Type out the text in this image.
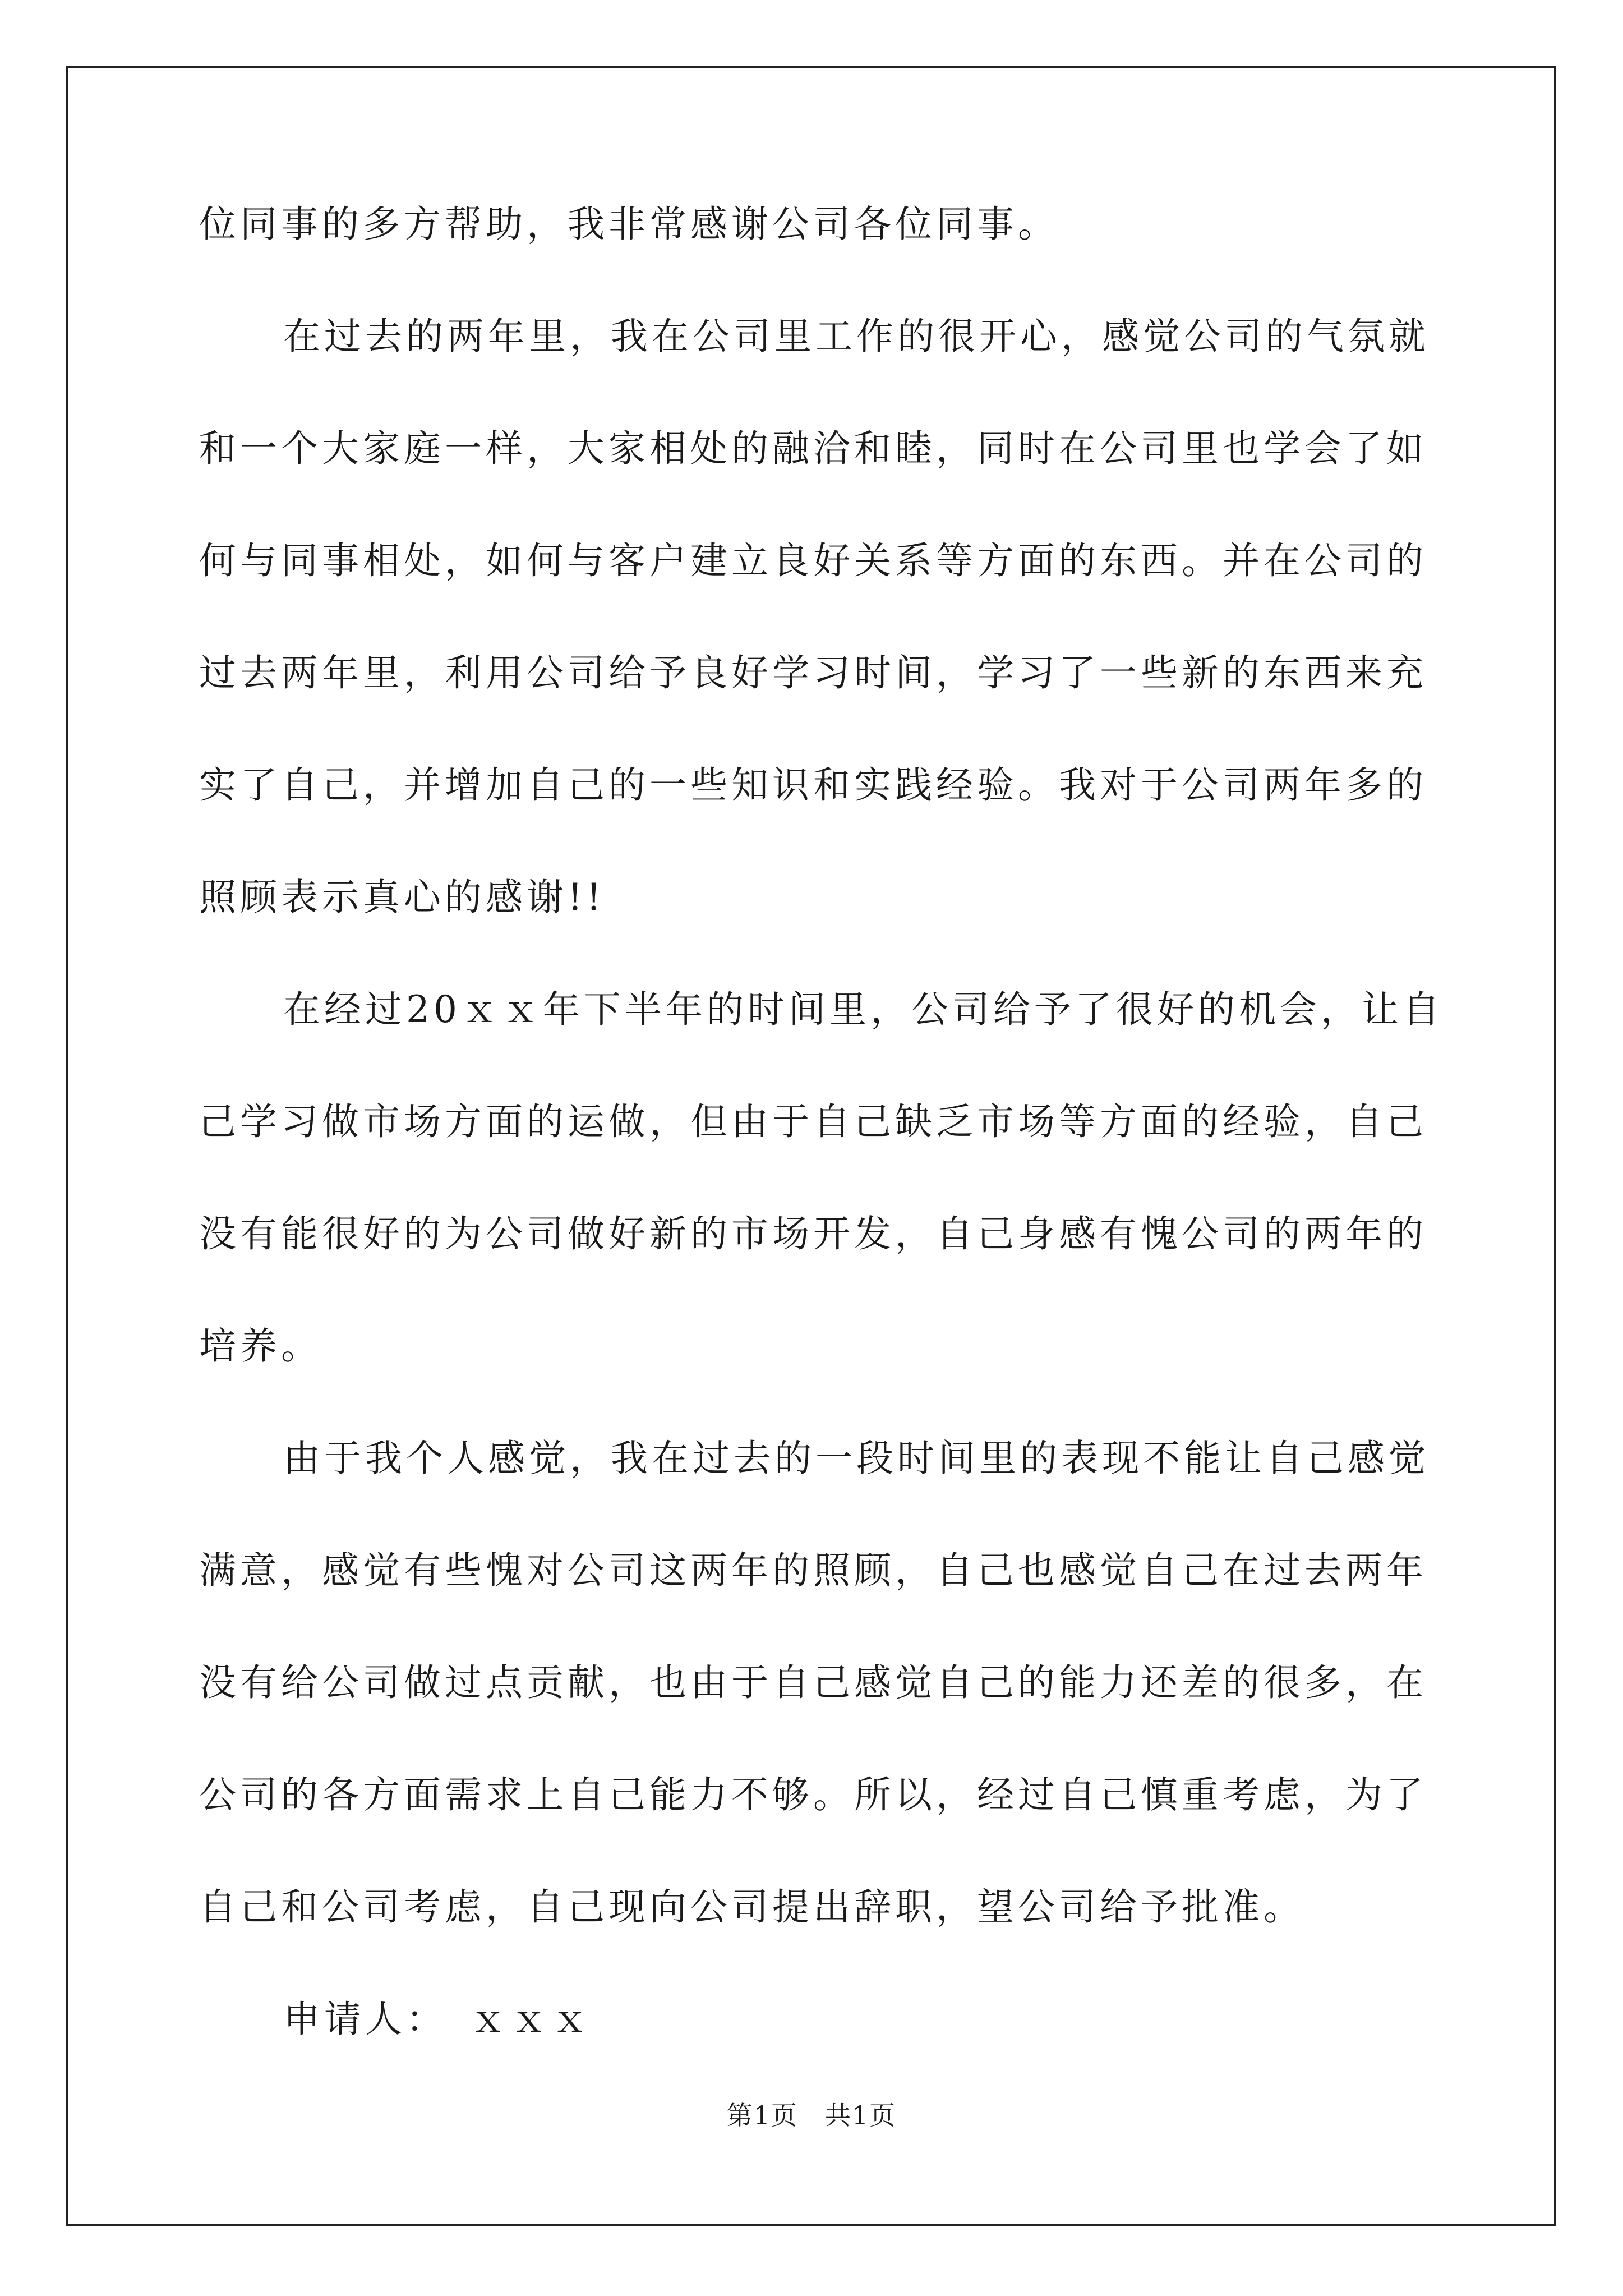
位同事的多方帮助，我非常感谢公司各位同事。
在过去的两年里，我在公司里工作的很开心，感觉公司的气氛就
和一个大家庭一样，大家相处的融洽和睦，同时在公司里也学会了如
何与同事相处，如何与客户建立良好关系等方面的东西。并在公司的
过去两年里，利用公司给予良好学习时间，学习了一些新的东西来充
实了自己，并增加自己的一些知识和实践经验。我对于公司两年多的
照顾表示真心的感谢!!
在经过20ｘｘ年下半年的时间里，公司给予了很好的机会，让自
己学习做市场方面的运做，但由于自己缺乏市场等方面的经验，自己
没有能很好的为公司做好新的市场开发，自己身感有愧公司的两年的
培养。
由于我个人感觉，我在过去的一段时间里的表现不能让自己感觉
满意，感觉有些愧对公司这两年的照顾，自己也感觉自己在过去两年
没有给公司做过点贡献，也由于自己感觉自己的能力还差的很多，在
公司的各方面需求上自己能力不够。所以，经过自己慎重考虑，为了
自己和公司考虑，自己现向公司提出辞职，望公司给予批准。
申请人：　ｘｘｘ
第1页　共1页
